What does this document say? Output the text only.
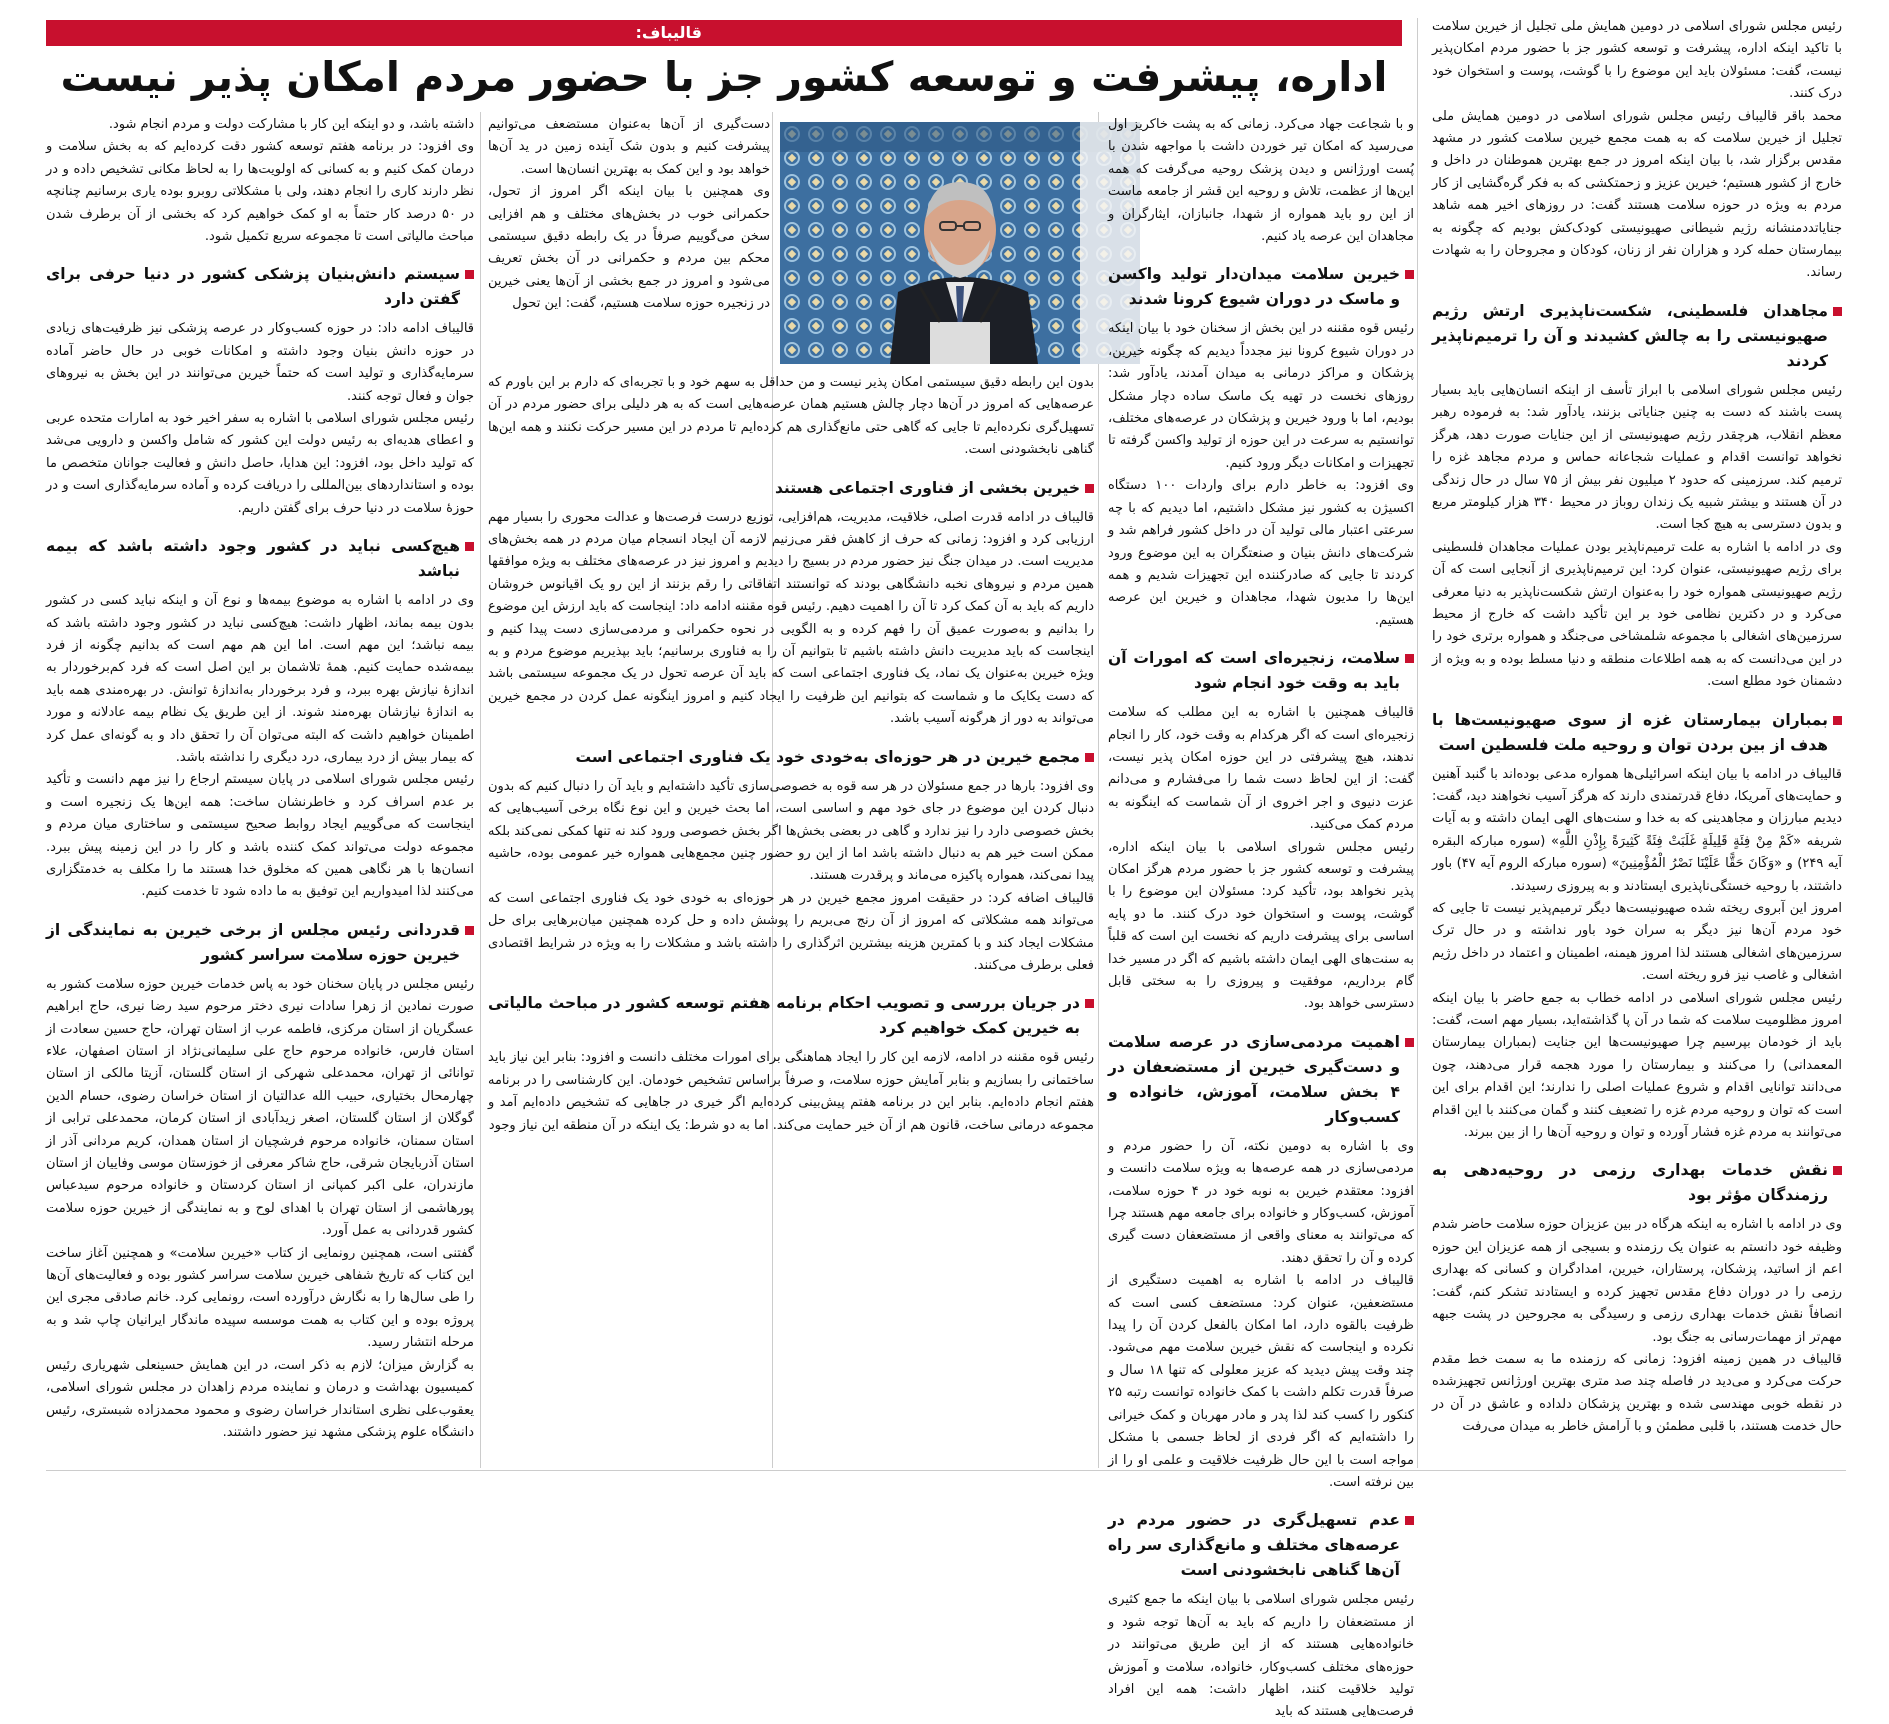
قالیباف:
اداره، پیشرفت و توسعه کشور جز با حضور مردم امکان پذیر نیست

رئیس مجلس شورای اسلامی در دومین همایش ملی تجلیل از خیرین سلامت با تاکید اینکه اداره، پیشرفت و توسعه کشور جز با حضور مردم امکان‌پذیر نیست، گفت: مسئولان باید این موضوع را با گوشت، پوست و استخوان خود درک کنند.

محمد باقر قالیباف رئیس مجلس شورای اسلامی در دومین همایش ملی تجلیل از خیرین سلامت که به همت مجمع خیرین سلامت کشور در مشهد مقدس برگزار شد، با بیان اینکه امروز در جمع بهترین هموطنان در داخل و خارج از کشور هستیم؛ خیرین عزیز و زحمتکشی که به فکر گره‌گشایی از کار مردم به ویژه در حوزه سلامت هستند گفت: در روزهای اخیر همه شاهد جنایاتددمنشانه رژیم شیطانی صهیونیستی کودک‌کش بودیم که چگونه به بیمارستان حمله کرد و هزاران نفر از زنان، کودکان و مجروحان را به شهادت رساند.

مجاهدان فلسطینی، شکست‌ناپذیری ارتش رژیم صهیونیستی را به چالش کشیدند و آن را ترمیم‌ناپذیر کردند

رئیس مجلس شورای اسلامی با ابراز تأسف از اینکه انسان‌هایی باید بسیار پست باشند که دست به چنین جنایاتی بزنند، یادآور شد: به فرموده رهبر معظم انقلاب، هرچقدر رژیم صهیونیستی از این جنایات صورت دهد، هرگز نخواهد توانست اقدام و عملیات شجاعانه حماس و مردم مجاهد غزه را ترمیم کند. سرزمینی که حدود ۲ میلیون نفر بیش از ۷۵ سال در حال زندگی در آن هستند و بیشتر شبیه یک زندان روباز در محیط ۳۴۰ هزار کیلومتر مربع و بدون دسترسی به هیچ کجا است.

وی در ادامه با اشاره به علت ترمیم‌ناپذیر بودن عملیات مجاهدان فلسطینی برای رژیم صهیونیستی، عنوان کرد: این ترمیم‌ناپذیری از آنجایی است که آن رژیم صهیونیستی همواره خود را به‌عنوان ارتش شکست‌ناپذیر به دنیا معرفی می‌کرد و در دکترین نظامی خود بر این تأکید داشت که خارج از محیط سرزمین‌های اشغالی با مجموعه شلمشاخی می‌جنگد و همواره برتری خود را در این می‌دانست که به همه اطلاعات منطقه و دنیا مسلط بوده و به ویژه از دشمنان خود مطلع است.

بمباران بیمارستان غزه از سوی صهیونیست‌ها با هدف از بین بردن توان و روحیه ملت فلسطین است

قالیباف در ادامه با بیان اینکه اسرائیلی‌ها همواره مدعی بوده‌اند با گنبد آهنین و حمایت‌های آمریکا، دفاع قدرتمندی دارند که هرگز آسیب نخواهند دید، گفت: دیدیم مبارزان و مجاهدینی که به خدا و سنت‌های الهی ایمان داشته و به آیات شریفه «کَمْ مِنْ فِئَةٍ قَلِیلَةٍ غَلَبَتْ فِئَةً کَثِیرَةً بِإِذْنِ اللَّهِ» (سوره مبارکه البقره آیه ۲۴۹) و «وَکَانَ حَقًّا عَلَیْنَا نَصْرُ الْمُؤْمِنِینَ» (سوره مبارکه الروم آیه ۴۷) باور داشتند، با روحیه خستگی‌ناپذیری ایستادند و به پیروزی رسیدند.

امروز این آبروی ریخته شده صهیونیست‌ها دیگر ترمیم‌پذیر نیست تا جایی که خود مردم آن‌ها نیز دیگر به سران خود باور نداشته و در حال ترک سرزمین‌های اشغالی هستند لذا امروز هیمنه، اطمینان و اعتماد در داخل رژیم اشغالی و غاصب نیز فرو ریخته است.

رئیس مجلس شورای اسلامی در ادامه خطاب به جمع حاضر با بیان اینکه امروز مظلومیت سلامت که شما در آن پا گذاشته‌اید، بسیار مهم است، گفت: باید از خودمان بپرسیم چرا صهیونیست‌ها این جنایت (بمباران بیمارستان المعمدانی) را می‌کنند و بیمارستان را مورد هجمه قرار می‌دهند، چون می‌دانند توانایی اقدام و شروع عملیات اصلی را ندارند؛ این اقدام برای این است که توان و روحیه مردم غزه را تضعیف کنند و گمان می‌کنند با این اقدام می‌توانند به مردم غزه فشار آورده و توان و روحیه آن‌ها را از بین ببرند.

نقش خدمات بهداری رزمی در روحیه‌دهی به رزمندگان مؤثر بود

وی در ادامه با اشاره به اینکه هرگاه در بین عزیزان حوزه سلامت حاضر شدم وظیفه خود دانستم به عنوان یک رزمنده و بسیجی از همه عزیزان این حوزه اعم از اساتید، پزشکان، پرستاران، خیرین، امدادگران و کسانی که بهداری رزمی را در دوران دفاع مقدس تجهیز کرده و ایستادند تشکر کنم، گفت: انصافاً نقش خدمات بهداری رزمی و رسیدگی به مجروحین در پشت جبهه مهم‌تر از مهمات‌رسانی به جنگ بود.

قالیباف در همین زمینه افزود: زمانی که رزمنده ما به سمت خط مقدم حرکت می‌کرد و می‌دید در فاصله چند صد متری بهترین اورژانس تجهیزشده در نقطه خوبی مهندسی شده و بهترین پزشکان دلداده و عاشق در آن در حال خدمت هستند، با قلبی مطمئن و با آرامش خاطر به میدان می‌رفت

و با شجاعت جهاد می‌کرد. زمانی که به پشت خاکریز اول می‌رسید که امکان تیر خوردن داشت با مواجهه شدن با پُست اورژانس و دیدن پزشک روحیه می‌گرفت که همه این‌ها از عظمت، تلاش و روحیه این قشر از جامعه ماست از این رو باید همواره از شهدا، جانبازان، ایثارگران و مجاهدان این عرصه یاد کنیم.

خیرین سلامت میدان‌دار تولید واکسن و ماسک در دوران شیوع کرونا شدند

رئیس قوه مقننه در این بخش از سخنان خود با بیان اینکه در دوران شیوع کرونا نیز مجدداً دیدیم که چگونه خیرین، پزشکان و مراکز درمانی به میدان آمدند، یادآور شد: روزهای نخست در تهیه یک ماسک ساده دچار مشکل بودیم، اما با ورود خیرین و پزشکان در عرصه‌های مختلف، توانستیم به سرعت در این حوزه از تولید واکسن گرفته تا تجهیزات و امکانات دیگر ورود کنیم.

وی افزود: به خاطر دارم برای واردات ۱۰۰ دستگاه اکسیژن به کشور نیز مشکل داشتیم، اما دیدیم که با چه سرعتی اعتبار مالی تولید آن در داخل کشور فراهم شد و شرکت‌های دانش بنیان و صنعتگران به این موضوع ورود کردند تا جایی که صادرکننده این تجهیزات شدیم و همه این‌ها را مدیون شهدا، مجاهدان و خیرین این عرصه هستیم.

سلامت، زنجیره‌ای است که امورات آن باید به وقت خود انجام شود

قالیباف همچنین با اشاره به این مطلب که سلامت زنجیره‌ای است که اگر هرکدام به وقت خود، کار را انجام ندهند، هیچ پیشرفتی در این حوزه امکان پذیر نیست، گفت: از این لحاظ دست شما را می‌فشارم و می‌دانم عزت دنیوی و اجر اخروی از آن شماست که اینگونه به مردم کمک می‌کنید.

رئیس مجلس شورای اسلامی با بیان اینکه اداره، پیشرفت و توسعه کشور جز با حضور مردم هرگز امکان پذیر نخواهد بود، تأکید کرد: مسئولان این موضوع را با گوشت، پوست و استخوان خود درک کنند. ما دو پایه اساسی برای پیشرفت داریم که نخست این است که قلباً به سنت‌های الهی ایمان داشته باشیم که اگر در مسیر خدا گام برداریم، موفقیت و پیروزی را به سختی قابل دسترسی خواهد بود.

اهمیت مردمی‌سازی در عرصه سلامت و دست‌گیری خیرین از مستضعفان در ۴ بخش سلامت، آموزش، خانواده و کسب‌وکار

وی با اشاره به دومین نکته، آن را حضور مردم و مردمی‌سازی در همه عرصه‌ها به ویژه سلامت دانست و افزود: معتقدم خیرین به نوبه خود در ۴ حوزه سلامت، آموزش، کسب‌وکار و خانواده برای جامعه مهم هستند چرا که می‌توانند به معنای واقعی از مستضعفان دست گیری کرده و آن را تحقق دهند.

قالیباف در ادامه با اشاره به اهمیت دستگیری از مستضعفین، عنوان کرد: مستضعف کسی است که ظرفیت بالقوه دارد، اما امکان بالفعل کردن آن را پیدا نکرده و اینجاست که نقش خیرین سلامت مهم می‌شود. چند وقت پیش دیدید که عزیز معلولی که تنها ۱۸ سال و صرفاً قدرت تکلم داشت با کمک خانواده توانست رتبه ۲۵ کنکور را کسب کند لذا پدر و مادر مهربان و کمک خیرانی را داشته‌ایم که اگر فردی از لحاظ جسمی با مشکل مواجه است با این حال ظرفیت خلاقیت و علمی او را از بین نرفته است.

عدم تسهیل‌گری در حضور مردم در عرصه‌های مختلف و مانع‌گذاری سر راه آن‌ها گناهی نابخشودنی است

رئیس مجلس شورای اسلامی با بیان اینکه ما جمع کثیری از مستضعفان را داریم که باید به آن‌ها توجه شود و خانواده‌هایی هستند که از این طریق می‌توانند در حوزه‌های مختلف کسب‌وکار، خانواده، سلامت و آموزش تولید خلاقیت کنند، اظهار داشت: همه این افراد فرصت‌هایی هستند که باید

دست‌گیری از آن‌ها به‌عنوان مستضعف می‌توانیم پیشرفت کنیم و بدون شک آینده زمین در ید آن‌ها خواهد بود و این کمک به بهترین انسان‌ها است.

وی همچنین با بیان اینکه اگر امروز از تحول، حکمرانی خوب در بخش‌های مختلف و هم افزایی سخن می‌گوییم صرفاً در یک رابطه دقیق سیستمی محکم بین مردم و حکمرانی در آن بخش تعریف می‌شود و امروز در جمع بخشی از آن‌ها یعنی خیرین در زنجیره حوزه سلامت هستیم، گفت: این تحول

بدون این رابطه دقیق سیستمی امکان پذیر نیست و من حداقل به سهم خود و با تجربه‌ای که دارم بر این باورم که عرصه‌هایی که امروز در آن‌ها دچار چالش هستیم همان عرصه‌هایی است که به هر دلیلی برای حضور مردم در آن تسهیل‌گری نکرده‌ایم تا جایی که گاهی حتی مانع‌گذاری هم کرده‌ایم تا مردم در این مسیر حرکت نکنند و همه این‌ها گناهی نابخشودنی است.

خیرین بخشی از فناوری اجتماعی هستند

قالیباف در ادامه قدرت اصلی، خلاقیت، مدیریت، هم‌افزایی، توزیع درست فرصت‌ها و عدالت محوری را بسیار مهم ارزیابی کرد و افزود: زمانی که حرف از کاهش فقر می‌زنیم لازمه آن ایجاد انسجام میان مردم در همه بخش‌های مدیریت است. در میدان جنگ نیز حضور مردم در بسیج را دیدیم و امروز نیز در عرصه‌های مختلف به ویژه موافقها همین مردم و نیروهای نخبه دانشگاهی بودند که توانستند اتفاقاتی را رقم بزنند از این رو یک اقیانوس خروشان داریم که باید به آن کمک کرد تا آن را اهمیت دهیم. رئیس قوه مقننه ادامه داد: اینجاست که باید ارزش این موضوع را بدانیم و به‌صورت عمیق آن را فهم کرده و به الگویی در نحوه حکمرانی و مردمی‌سازی دست پیدا کنیم و اینجاست که باید مدیریت دانش داشته باشیم تا بتوانیم آن را به فناوری برسانیم؛ باید بپذیریم موضوع مردم و به ویژه خیرین به‌عنوان یک نماد، یک فناوری اجتماعی است که باید آن عرصه تحول در یک مجموعه سیستمی باشد که دست یکایک ما و شماست که بتوانیم این ظرفیت را ایجاد کنیم و امروز اینگونه عمل کردن در مجمع خیرین می‌تواند به دور از هرگونه آسیب باشد.

مجمع خیرین در هر حوزه‌ای به‌خودی خود یک فناوری اجتماعی است

وی افزود: بارها در جمع مسئولان در هر سه قوه به خصوصی‌سازی تأکید داشته‌ایم و باید آن را دنبال کنیم که بدون دنبال کردن این موضوع در جای خود مهم و اساسی است، اما بحث خیرین و این نوع نگاه برخی آسیب‌هایی که بخش خصوصی دارد را نیز ندارد و گاهی در بعضی بخش‌ها اگر بخش خصوصی ورود کند نه تنها کمکی نمی‌کند بلکه ممکن است خیر هم به دنبال داشته باشد اما از این رو حضور چنین مجمع‌هایی همواره خیر عمومی بوده، حاشیه پیدا نمی‌کند، همواره پاکیزه می‌ماند و پرقدرت هستند.

قالیباف اضافه کرد: در حقیقت امروز مجمع خیرین در هر حوزه‌ای به خودی خود یک فناوری اجتماعی است که می‌تواند همه مشکلاتی که امروز از آن رنج می‌بریم را پوشش داده و حل کرده همچنین میان‌برهایی برای حل مشکلات ایجاد کند و با کمترین هزینه بیشترین اثرگذاری را داشته باشد و مشکلات را به ویژه در شرایط اقتصادی فعلی برطرف می‌کنند.

در جریان بررسی و تصویب احکام برنامه هفتم توسعه کشور در مباحث مالیاتی به خیرین کمک خواهیم کرد

رئیس قوه مقننه در ادامه، لازمه این کار را ایجاد هماهنگی برای امورات مختلف دانست و افزود: بنابر این نیاز باید ساختمانی را بسازیم و بنابر آمایش حوزه سلامت، و صرفاً براساس تشخیص خودمان. این کارشناسی را در برنامه هفتم انجام داده‌ایم. بنابر این در برنامه هفتم پیش‌بینی کرده‌ایم اگر خیری در جاهایی که تشخیص داده‌ایم آمد و مجموعه درمانی ساخت، قانون هم از آن خیر حمایت می‌کند. اما به دو شرط: یک اینکه در آن منطقه این نیاز وجود

داشته باشد، و دو اینکه این کار با مشارکت دولت و مردم انجام شود.

وی افزود: در برنامه هفتم توسعه کشور دقت کرده‌ایم که به بخش سلامت و درمان کمک کنیم و به کسانی که اولویت‌ها را به لحاظ مکانی تشخیص داده و در نظر دارند کاری را انجام دهند، ولی با مشکلاتی روبرو بوده یاری برسانیم چنانچه در ۵۰ درصد کار حتماً به او کمک خواهیم کرد که بخشی از آن برطرف شدن مباحث مالیاتی است تا مجموعه سریع تکمیل شود.

سیستم دانش‌بنیان پزشکی کشور در دنیا حرفی برای گفتن دارد

قالیباف ادامه داد: در حوزه کسب‌وکار در عرصه پزشکی نیز ظرفیت‌های زیادی در حوزه دانش بنیان وجود داشته و امکانات خوبی در حال حاضر آماده سرمایه‌گذاری و تولید است که حتماً خیرین می‌توانند در این بخش به نیروهای جوان و فعال توجه کنند.

رئیس مجلس شورای اسلامی با اشاره به سفر اخیر خود به امارات متحده عربی و اعطای هدیه‌ای به رئیس دولت این کشور که شامل واکسن و دارویی می‌شد که تولید داخل بود، افزود: این هدایا، حاصل دانش و فعالیت جوانان متخصص ما بوده و استانداردهای بین‌المللی را دریافت کرده و آماده سرمایه‌گذاری است و در حوزهٔ سلامت در دنیا حرف برای گفتن داریم.

هیچ‌کسی نباید در کشور وجود داشته باشد که بیمه نباشد

وی در ادامه با اشاره به موضوع بیمه‌ها و نوع آن و اینکه نباید کسی در کشور بدون بیمه بماند، اظهار داشت: هیچ‌کسی نباید در کشور وجود داشته باشد که بیمه نباشد؛ این مهم است. اما این هم مهم است که بدانیم چگونه از فرد بیمه‌شده حمایت کنیم. همهٔ تلاشمان بر این اصل است که فرد کم‌برخوردار به اندازهٔ نیازش بهره ببرد، و فرد برخوردار به‌اندازهٔ توانش. در بهره‌مندی همه باید به اندازهٔ نیازشان بهره‌مند شوند. از این طریق یک نظام بیمه عادلانه و مورد اطمینان خواهیم داشت که البته می‌توان آن را تحقق داد و به گونه‌ای عمل کرد که بیمار بیش از درد بیماری، درد دیگری را نداشته باشد.

رئیس مجلس شورای اسلامی در پایان سیستم ارجاع را نیز مهم دانست و تأکید بر عدم اسراف کرد و خاطرنشان ساخت: همه این‌ها یک زنجیره است و اینجاست که می‌گوییم ایجاد روابط صحیح سیستمی و ساختاری میان مردم و مجموعه دولت می‌تواند کمک کننده باشد و کار را در این زمینه پیش ببرد. انسان‌ها با هر نگاهی همین که مخلوق خدا هستند ما را مکلف به خدمتگزاری می‌کنند لذا امیدواریم این توفیق به ما داده شود تا خدمت کنیم.

قدردانی رئیس مجلس از برخی خیرین به نمایندگی از خیرین حوزه سلامت سراسر کشور

رئیس مجلس در پایان سخنان خود به پاس خدمات خیرین حوزه سلامت کشور به صورت نمادین از زهرا سادات نیری دختر مرحوم سید رضا نیری، حاج ابراهیم عسگریان از استان مرکزی، فاطمه عرب از استان تهران، حاج حسین سعادت از استان فارس، خانواده مرحوم حاج علی سلیمانی‌نژاد از استان اصفهان، علاء توانائی از تهران، محمدعلی شهرکی از استان گلستان، آزیتا مالکی از استان چهارمحال بختیاری، حبیب الله عدالتیان از استان خراسان رضوی، حسام الدین گوگلان از استان گلستان، اصغر زیدآبادی از استان کرمان، محمدعلی ترابی از استان سمنان، خانواده مرحوم فرشچیان از استان همدان، کریم مردانی آذر از استان آذربایجان شرقی، حاج شاکر معرفی از خوزستان موسی وفاییان از استان مازندران، علی اکبر کمپانی از استان کردستان و خانواده مرحوم سیدعباس پورهاشمی از استان تهران با اهدای لوح و به نمایندگی از خیرین حوزه سلامت کشور قدردانی به عمل آورد.

گفتنی است، همچنین رونمایی از کتاب «خیرین سلامت» و همچنین آغاز ساخت این کتاب که تاریخ شفاهی خیرین سلامت سراسر کشور بوده و فعالیت‌های آن‌ها را طی سال‌ها را به نگارش درآورده است، رونمایی کرد. خانم صادقی مجری این پروژه بوده و این کتاب به همت موسسه سپیده ماندگار ایرانیان چاپ شد و به مرحله انتشار رسید.

به گزارش میزان؛ لازم به ذکر است، در این همایش حسینعلی شهریاری رئیس کمیسیون بهداشت و درمان و نماینده مردم زاهدان در مجلس شورای اسلامی، یعقوب‌علی نظری استاندار خراسان رضوی و محمود محمدزاده شبستری، رئیس دانشگاه علوم پزشکی مشهد نیز حضور داشتند.
